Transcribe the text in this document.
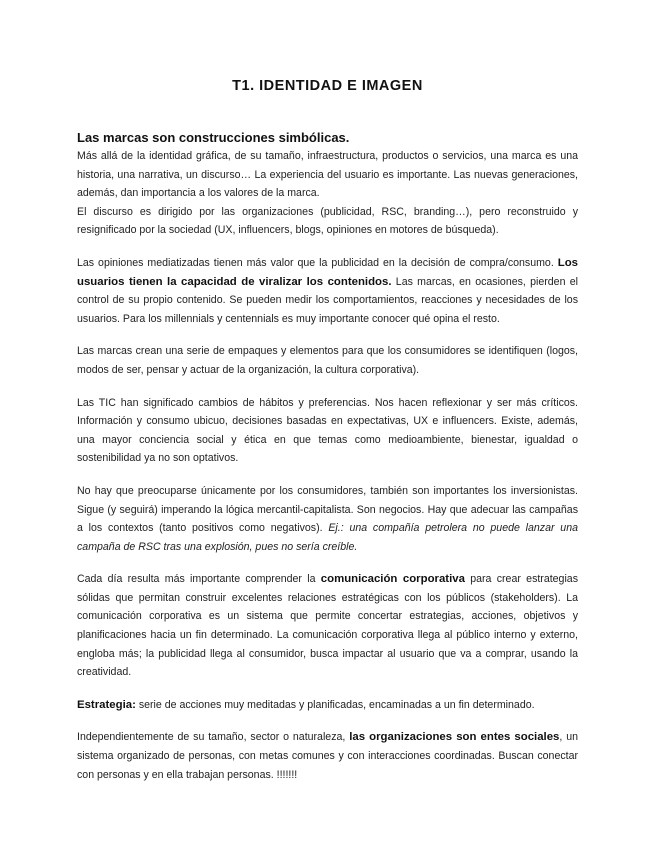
T1. IDENTIDAD E IMAGEN
Las marcas son construcciones simbólicas.

Más allá de la identidad gráfica, de su tamaño, infraestructura, productos o servicios, una marca es una historia, una narrativa, un discurso… La experiencia del usuario es importante. Las nuevas generaciones, además, dan importancia a los valores de la marca.

El discurso es dirigido por las organizaciones (publicidad, RSC, branding…), pero reconstruido y resignificado por la sociedad (UX, influencers, blogs, opiniones en motores de búsqueda).

Las opiniones mediatizadas tienen más valor que la publicidad en la decisión de compra/consumo. Los usuarios tienen la capacidad de viralizar los contenidos. Las marcas, en ocasiones, pierden el control de su propio contenido. Se pueden medir los comportamientos, reacciones y necesidades de los usuarios. Para los millennials y centennials es muy importante conocer qué opina el resto.

Las marcas crean una serie de empaques y elementos para que los consumidores se identifiquen (logos, modos de ser, pensar y actuar de la organización, la cultura corporativa).

Las TIC han significado cambios de hábitos y preferencias. Nos hacen reflexionar y ser más críticos. Información y consumo ubicuo, decisiones basadas en expectativas, UX e influencers. Existe, además, una mayor conciencia social y ética en que temas como medioambiente, bienestar, igualdad o sostenibilidad ya no son optativos.

No hay que preocuparse únicamente por los consumidores, también son importantes los inversionistas. Sigue (y seguirá) imperando la lógica mercantil-capitalista. Son negocios. Hay que adecuar las campañas a los contextos (tanto positivos como negativos). Ej.: una compañía petrolera no puede lanzar una campaña de RSC tras una explosión, pues no sería creíble.

Cada día resulta más importante comprender la comunicación corporativa para crear estrategias sólidas que permitan construir excelentes relaciones estratégicas con los públicos (stakeholders). La comunicación corporativa es un sistema que permite concertar estrategias, acciones, objetivos y planificaciones hacia un fin determinado. La comunicación corporativa llega al público interno y externo, engloba más; la publicidad llega al consumidor, busca impactar al usuario que va a comprar, usando la creatividad.

Estrategia: serie de acciones muy meditadas y planificadas, encaminadas a un fin determinado.

Independientemente de su tamaño, sector o naturaleza, las organizaciones son entes sociales, un sistema organizado de personas, con metas comunes y con interacciones coordinadas. Buscan conectar con personas y en ella trabajan personas. !!!!!!!
